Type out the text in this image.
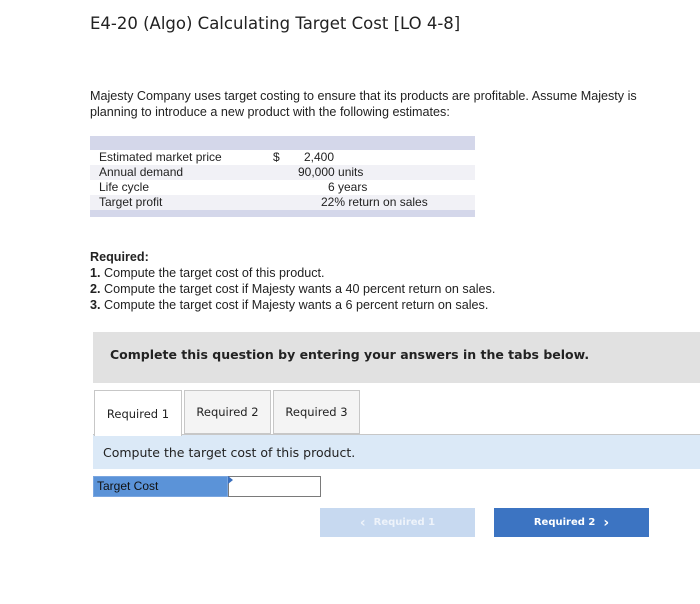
E4-20 (Algo) Calculating Target Cost [LO 4-8]
Majesty Company uses target costing to ensure that its products are profitable. Assume Majesty is planning to introduce a new product with the following estimates:
Estimated market price	$ 2,400
Annual demand	90,000 units
Life cycle	6 years
Target profit	22% return on sales
Required:
1. Compute the target cost of this product.
2. Compute the target cost if Majesty wants a 40 percent return on sales.
3. Compute the target cost if Majesty wants a 6 percent return on sales.
Complete this question by entering your answers in the tabs below.
Required 1	Required 2	Required 3
Compute the target cost of this product.
Target Cost
‹ Required 1	Required 2 ›
